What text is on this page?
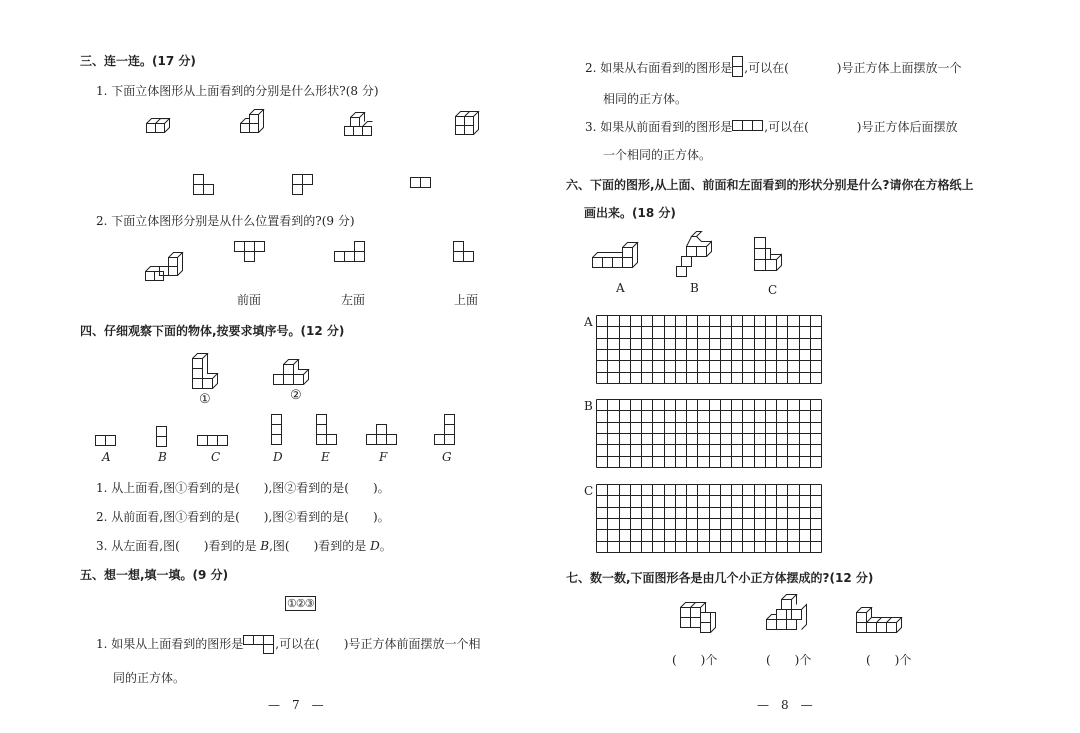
三、连一连。(17 分)
1. 下面立体图形从上面看到的分别是什么形状?(8 分)
2. 下面立体图形分别是从什么位置看到的?(9 分)
前面	左面	上面
四、仔细观察下面的物体,按要求填序号。(12 分)
①	②
A	B	C	D	E	F	G
1. 从上面看,图①看到的是(　　),图②看到的是(　　)。
2. 从前面看,图①看到的是(　　),图②看到的是(　　)。
3. 从左面看,图(　　)看到的是 B,图(　　)看到的是 D。
五、想一想,填一填。(9 分)
①②③
1. 如果从上面看到的图形是	,可以在(　　)号正方体前面摆放一个相
同的正方体。
—　7　—
2. 如果从右面看到的图形是 ,可以在(　　　　)号正方体上面摆放一个
相同的正方体。
3. 如果从前面看到的图形是	,可以在(　　　　)号正方体后面摆放
一个相同的正方体。
六、下面的图形,从上面、前面和左面看到的形状分别是什么?请你在方格纸上
画出来。(18 分)
A	B	C
A
B
C
七、数一数,下面图形各是由几个小正方体摆成的?(12 分)
(　　)个	(　　)个	(　　)个
—　8　—
